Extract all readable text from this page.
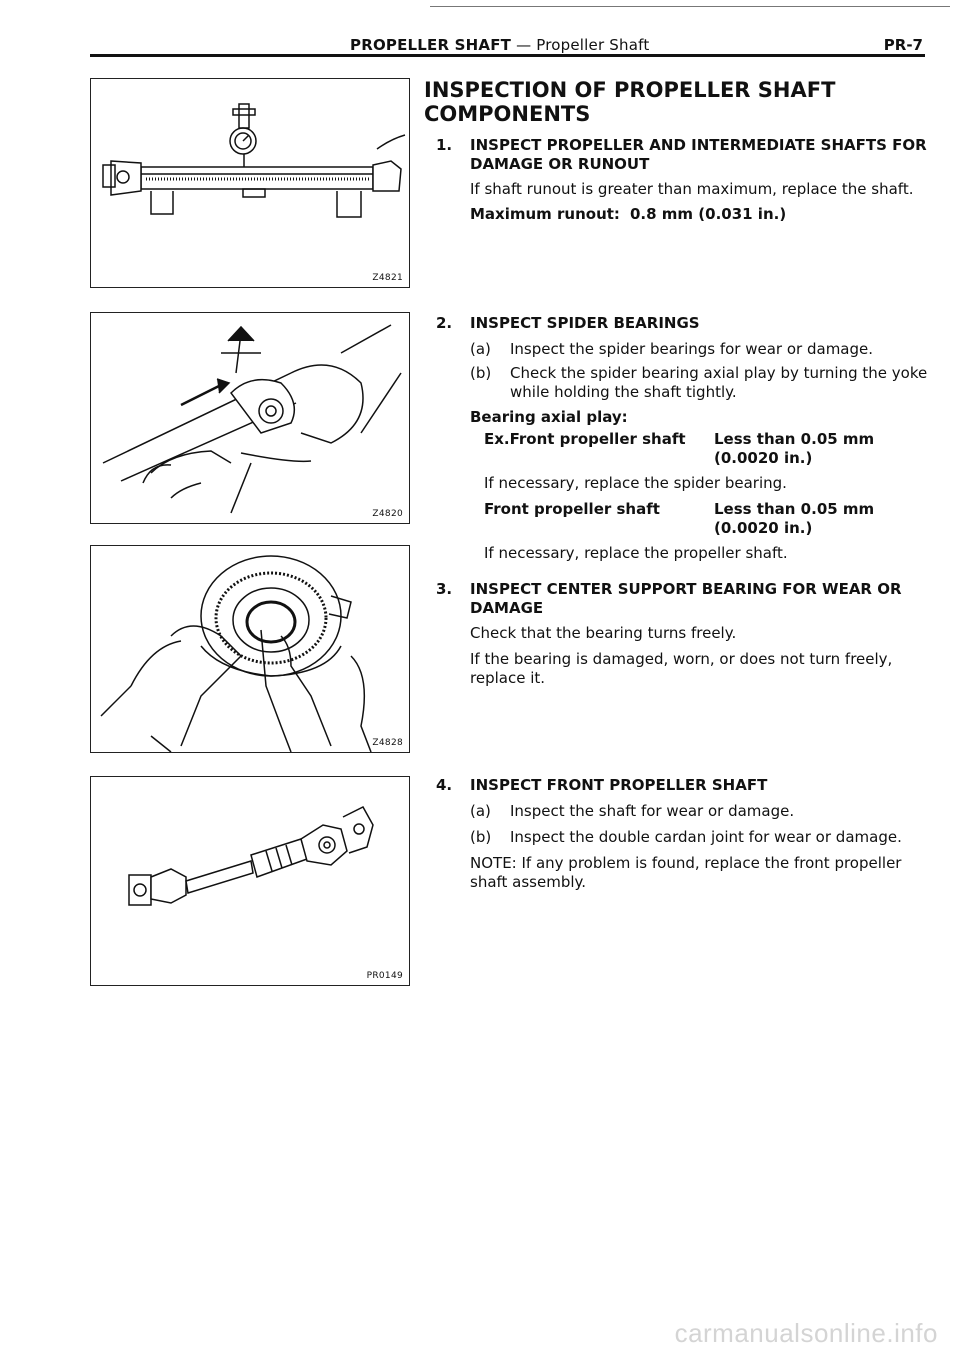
PROPELLER SHAFT — Propeller Shaft	PR-7
Z4821
Z4820
Z4828
PR0149
INSPECTION OF PROPELLER SHAFT
COMPONENTS
1. INSPECT PROPELLER AND INTERMEDIATE SHAFTS FOR
DAMAGE OR RUNOUT
If shaft runout is greater than maximum, replace the shaft.
Maximum runout: 0.8 mm (0.031 in.)
2. INSPECT SPIDER BEARINGS
(a) Inspect the spider bearings for wear or damage.
(b) Check the spider bearing axial play by turning the yoke
while holding the shaft tightly.
Bearing axial play:
Ex.Front propeller shaft Less than 0.05 mm
(0.0020 in.)
If necessary, replace the spider bearing.
Front propeller shaft	Less than 0.05 mm
(0.0020 in.)
If necessary, replace the propeller shaft.
3. INSPECT CENTER SUPPORT BEARING FOR WEAR OR
DAMAGE
Check that the bearing turns freely.
If the bearing is damaged, worn, or does not turn freely,
replace it.
4. INSPECT FRONT PROPELLER SHAFT
(a) Inspect the shaft for wear or damage.
(b) Inspect the double cardan joint for wear or damage.
NOTE: If any problem is found, replace the front propeller
shaft assembly.
carmanualsonline.info
